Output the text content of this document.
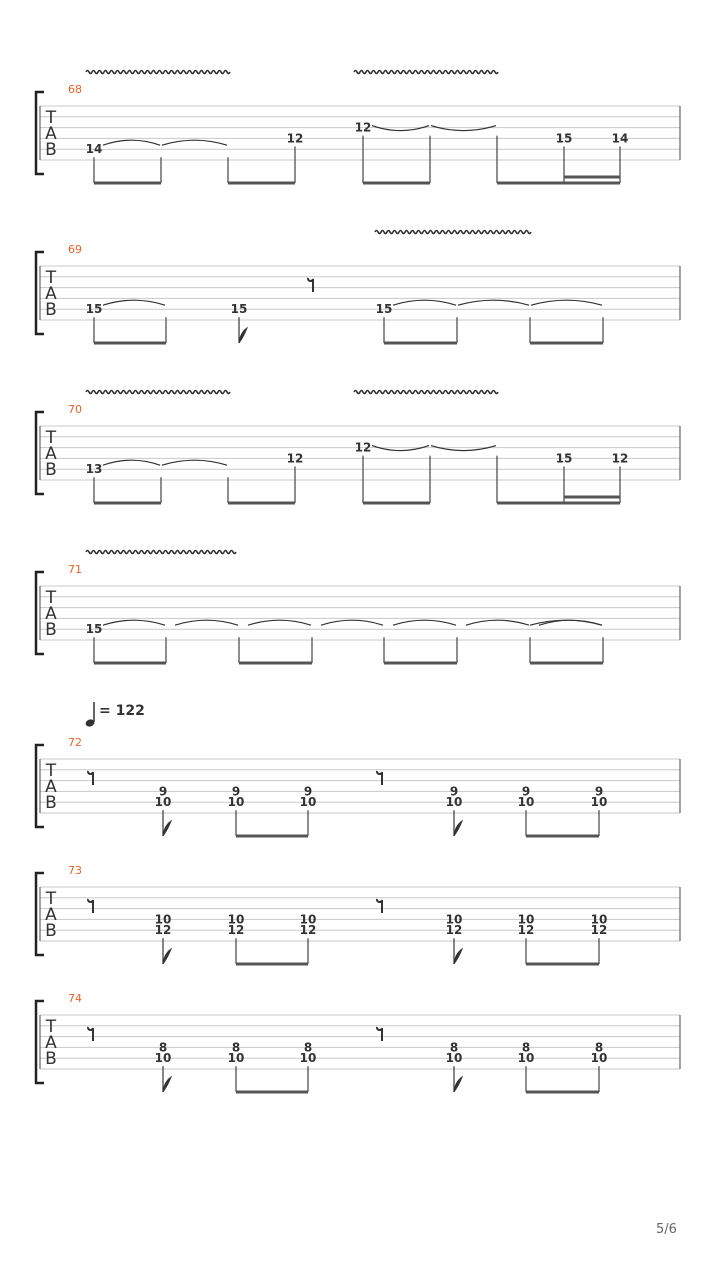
T
A
B
68
14
12
12
15	14
T
A
B
69
15	15	15
T
A
B
70
13
12
12
15	12
T
A
B
71
15
T
A
B
72
= 122
9
10
9
10
9
10
9
10
9
10
9
10
T
A
B
73
10
12
10
12
10
12
10
12
10
12
10
12
T
A
B
74
8
10
8
10
8
10
8
10
8
10
8
10
5/6
